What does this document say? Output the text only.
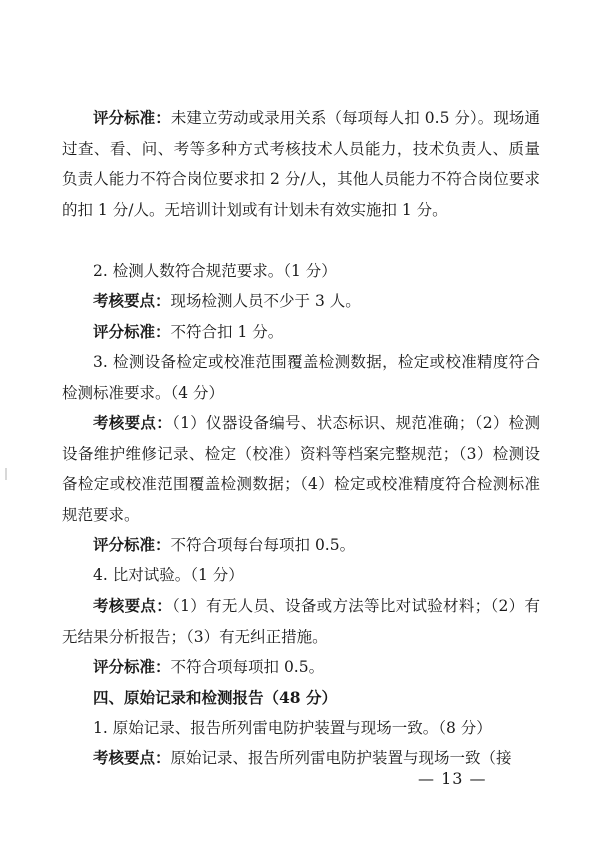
评分标准：未建立劳动或录用关系（每项每人扣 0.5 分）。现场通过查、看、问、考等多种方式考核技术人员能力，技术负责人、质量负责人能力不符合岗位要求扣 2 分/人，其他人员能力不符合岗位要求的扣 1 分/人。无培训计划或有计划未有效实施扣 1 分。

2. 检测人数符合规范要求。（1 分）

考核要点：现场检测人员不少于 3 人。

评分标准：不符合扣 1 分。

3. 检测设备检定或校准范围覆盖检测数据，检定或校准精度符合检测标准要求。（4 分）

考核要点：（1）仪器设备编号、状态标识、规范准确；（2）检测设备维护维修记录、检定（校准）资料等档案完整规范；（3）检测设备检定或校准范围覆盖检测数据；（4）检定或校准精度符合检测标准规范要求。

评分标准：不符合项每台每项扣 0.5。

4. 比对试验。（1 分）

考核要点：（1）有无人员、设备或方法等比对试验材料；（2）有无结果分析报告；（3）有无纠正措施。

评分标准：不符合项每项扣 0.5。

四、原始记录和检测报告（48 分）

1. 原始记录、报告所列雷电防护装置与现场一致。（8 分）

考核要点：原始记录、报告所列雷电防护装置与现场一致（接

— 13 —
